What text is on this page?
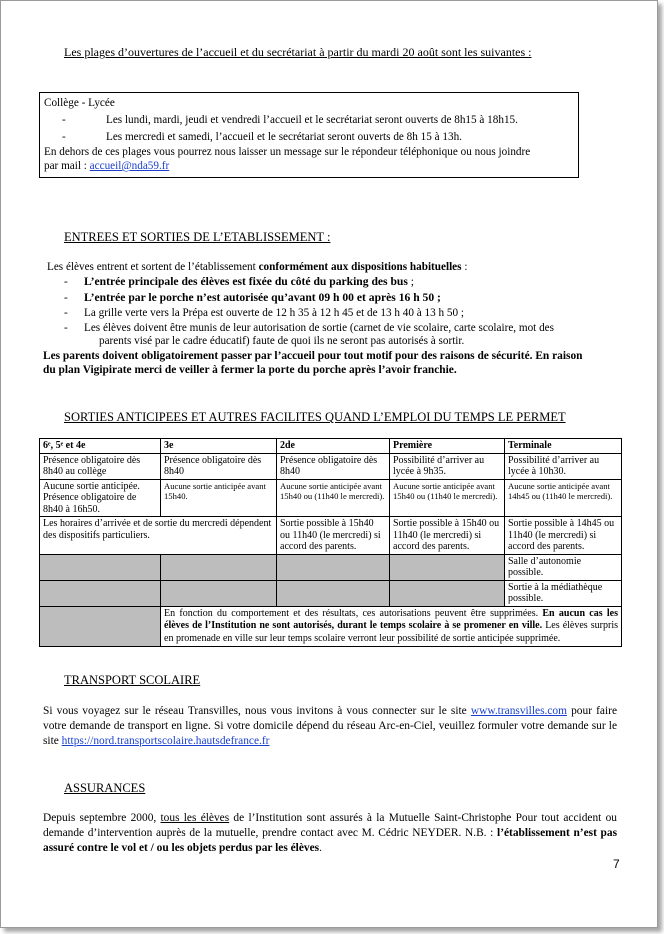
Les plages d’ouvertures de l’accueil et du secrétariat à partir du mardi 20 août sont les suivantes :
Collège - Lycée
-	Les lundi, mardi, jeudi et vendredi l’accueil et le secrétariat seront ouverts de 8h15 à 18h15.
-	Les mercredi et samedi, l’accueil et le secrétariat seront ouverts de 8h 15 à 13h.
En dehors de ces plages vous pourrez nous laisser un message sur le répondeur téléphonique ou nous joindre
par mail : accueil@nda59.fr
ENTREES ET SORTIES DE L’ETABLISSEMENT :
Les élèves entrent et sortent de l’établissement conformément aux dispositions habituelles :
- L’entrée principale des élèves est fixée du côté du parking des bus ;
- L’entrée par le porche n’est autorisée qu’avant 09 h 00 et après 16 h 50 ;
- La grille verte vers la Prépa est ouverte de 12 h 35 à 12 h 45 et de 13 h 40 à 13 h 50 ;
- Les élèves doivent être munis de leur autorisation de sortie (carnet de vie scolaire, carte scolaire, mot des
parents visé par le cadre éducatif) faute de quoi ils ne seront pas autorisés à sortir.
Les parents doivent obligatoirement passer par l’accueil pour tout motif pour des raisons de sécurité. En raison
du plan Vigipirate merci de veiller à fermer la porte du porche après l’avoir franchie.
SORTIES ANTICIPEES ET AUTRES FACILITES QUAND L’EMPLOI DU TEMPS LE PERMET
6ᵉ, 5ᵉ et 4e	3e	2de	Première	Terminale
Présence obligatoire dès 8h40 au collège	Présence obligatoire dès 8h40	Présence obligatoire dès 8h40	Possibilité d’arriver au lycée à 9h35.	Possibilité d’arriver au lycée à 10h30.
Aucune sortie anticipée. Présence obligatoire de 8h40 à 16h50.	Aucune sortie anticipée avant 15h40.	Aucune sortie anticipée avant 15h40 ou (11h40 le mercredi).	Aucune sortie anticipée avant 15h40 ou (11h40 le mercredi).	Aucune sortie anticipée avant 14h45 ou (11h40 le mercredi).
Les horaires d’arrivée et de sortie du mercredi dépendent des dispositifs particuliers.		Sortie possible à 15h40 ou 11h40 (le mercredi) si accord des parents.	Sortie possible à 15h40 ou 11h40 (le mercredi) si accord des parents.	Sortie possible à 14h45 ou 11h40 (le mercredi) si accord des parents.
				Salle d’autonomie possible.
				Sortie à la médiathèque possible.
	En fonction du comportement et des résultats, ces autorisations peuvent être supprimées. En aucun cas les élèves de l’Institution ne sont autorisés, durant le temps scolaire à se promener en ville. Les élèves surpris en promenade en ville sur leur temps scolaire verront leur possibilité de sortie anticipée supprimée.			
TRANSPORT SCOLAIRE
Si vous voyagez sur le réseau Transvilles, nous vous invitons à vous connecter sur le site www.transvilles.com pour faire votre demande de transport en ligne. Si votre domicile dépend du réseau Arc-en-Ciel, veuillez formuler votre demande sur le site https://nord.transportscolaire.hautsdefrance.fr
ASSURANCES
Depuis septembre 2000, tous les élèves de l’Institution sont assurés à la Mutuelle Saint-Christophe Pour tout accident ou demande d’intervention auprès de la mutuelle, prendre contact avec M. Cédric NEYDER. N.B. : l’établissement n’est pas assuré contre le vol et / ou les objets perdus par les élèves.
7
